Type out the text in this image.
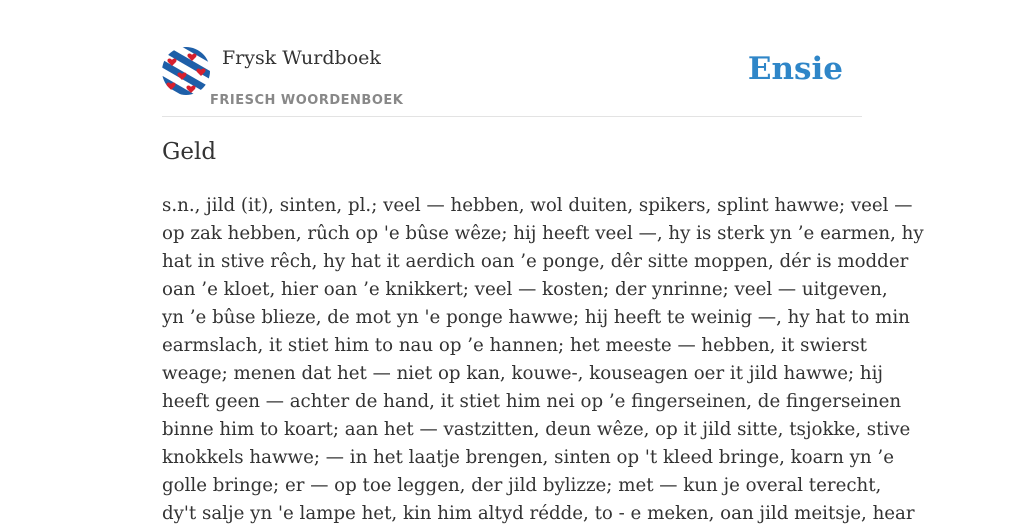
Frysk Wurdboek
FRIESCH WOORDENBOEK
Ensie
Geld
s.n., jild (it), sinten, pl.; veel — hebben, wol duiten, spikers, splint hawwe; veel —
op zak hebben, rûch op 'e bûse wêze; hij heeft veel —, hy is sterk yn ’e earmen, hy
hat in stive rêch, hy hat it aerdich oan ’e ponge, dêr sitte moppen, dér is modder
oan ’e kloet, hier oan ’e knikkert; veel — kosten; der ynrinne; veel — uitgeven,
yn ’e bûse blieze, de mot yn 'e ponge hawwe; hij heeft te weinig —, hy hat to min
earmslach, it stiet him to nau op ’e hannen; het meeste — hebben, it swierst
weage; menen dat het — niet op kan, kouwe-, kouseagen oer it jild hawwe; hij
heeft geen — achter de hand, it stiet him nei op ’e fingerseinen, de fingerseinen
binne him to koart; aan het — vastzitten, deun wêze, op it jild sitte, tsjokke, stive
knokkels hawwe; — in het laatje brengen, sinten op 't kleed bringe, koarn yn ’e
golle bringe; er — op toe leggen, der jild bylizze; met — kun je overal terecht,
dy't salje yn 'e lampe het, kin him altyd rédde, to - e meken, oan jild meitsje, hear
